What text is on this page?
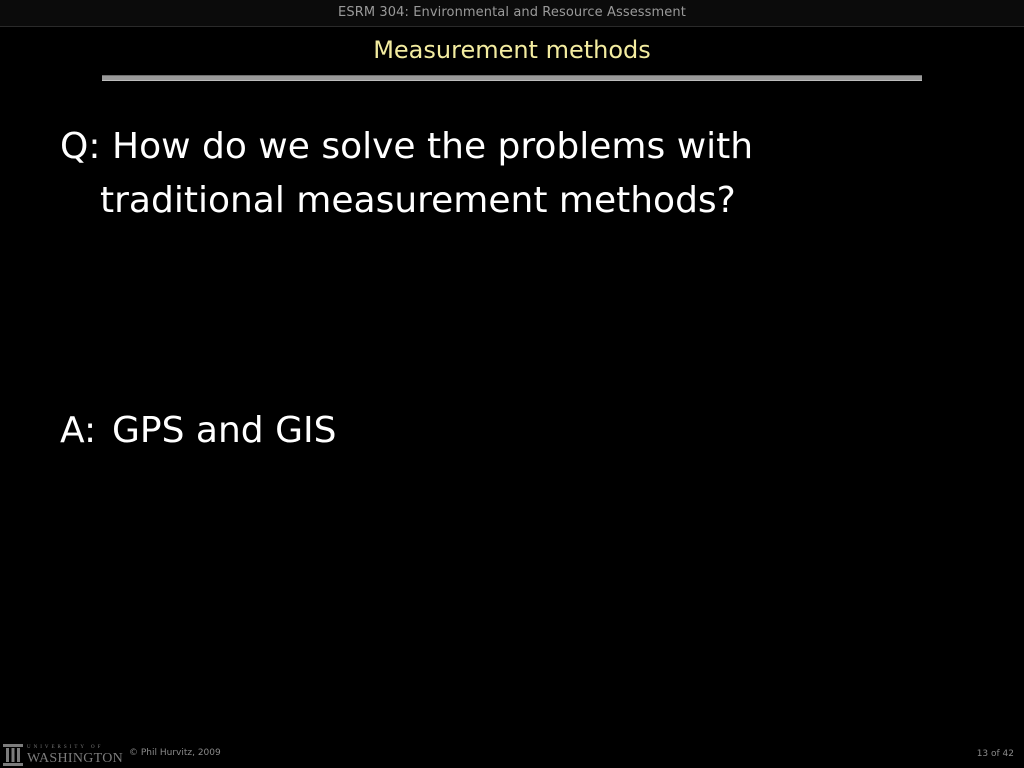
ESRM 304: Environmental and Resource Assessment
Measurement methods
Q: How do we solve the problems with
traditional measurement methods?
A: GPS and GIS
UNIVERSITY OF
WASHINGTON © Phil Hurvitz, 2009	13 of 42
